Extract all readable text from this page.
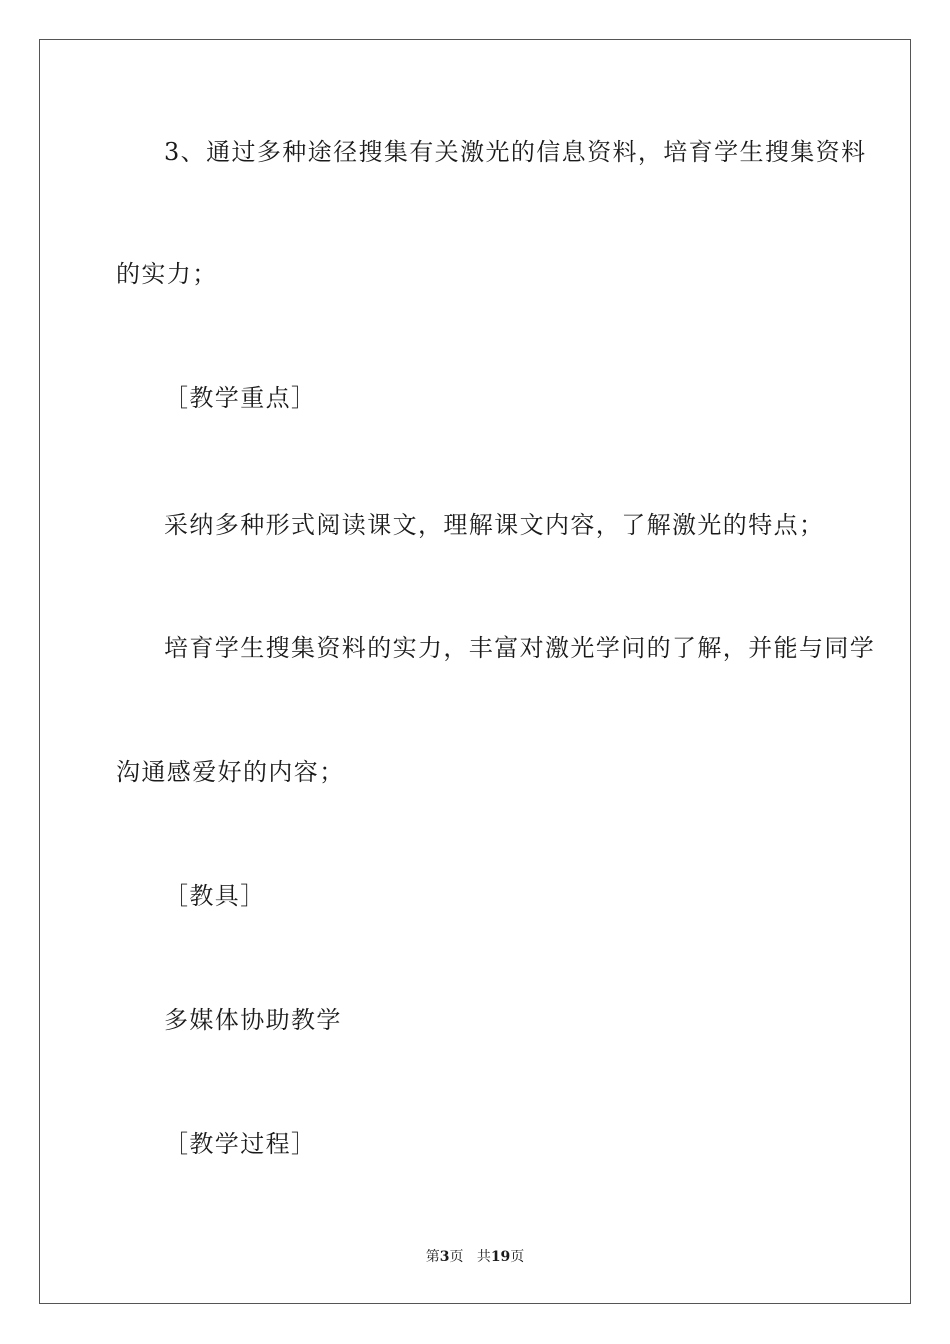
3、通过多种途径搜集有关激光的信息资料，培育学生搜集资料
的实力；
［教学重点］
采纳多种形式阅读课文，理解课文内容，了解激光的特点；
培育学生搜集资料的实力，丰富对激光学问的了解，并能与同学
沟通感爱好的内容；
［教具］
多媒体协助教学
［教学过程］
第3页 共19页
